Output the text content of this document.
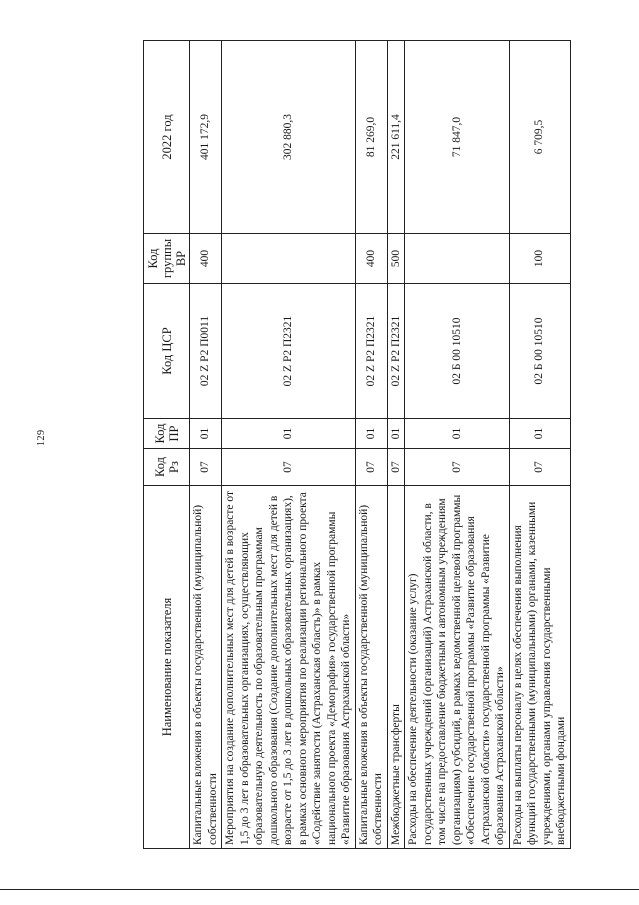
129
Наименование показателя	Код Рз	Код ПР	Код ЦСР	Код группы ВР	2022 год
Капитальные вложения в объекты государственной (муниципальной) собственности	07	01	02 Z P2 П0011	400	401 172,9
Мероприятия на создание дополнительных мест для детей в возрасте от 1,5 до 3 лет в образовательных организациях, осуществляющих образовательную деятельность по образовательным программам дошкольного образования (Создание дополнительных мест для детей в возрасте от 1,5 до 3 лет в дошкольных образовательных организациях), в рамках основного мероприятия по реализации регионального проекта «Содействие занятости (Астраханская область)» в рамках национального проекта «Демография» государственной программы «Развитие образования Астраханской области»	07	01	02 Z P2 П2321		302 880,3
Капитальные вложения в объекты государственной (муниципальной) собственности	07	01	02 Z P2 П2321	400	81 269,0
Межбюджетные трансферты	07	01	02 Z P2 П2321	500	221 611,4
Расходы на обеспечение деятельности (оказание услуг) государственных учреждений (организаций) Астраханской области, в том числе на предоставление бюджетным и автономным учреждениям (организациям) субсидий, в рамках ведомственной целевой программы «Обеспечение государственной программы «Развитие образования Астраханской области» государственной программы «Развитие образования Астраханской области»	07	01	02 Б 00 10510		71 847,0
Расходы на выплаты персоналу в целях обеспечения выполнения функций государственными (муниципальными) органами, казенными учреждениями, органами управления государственными внебюджетными фондами	07	01	02 Б 00 10510	100	6 709,5
